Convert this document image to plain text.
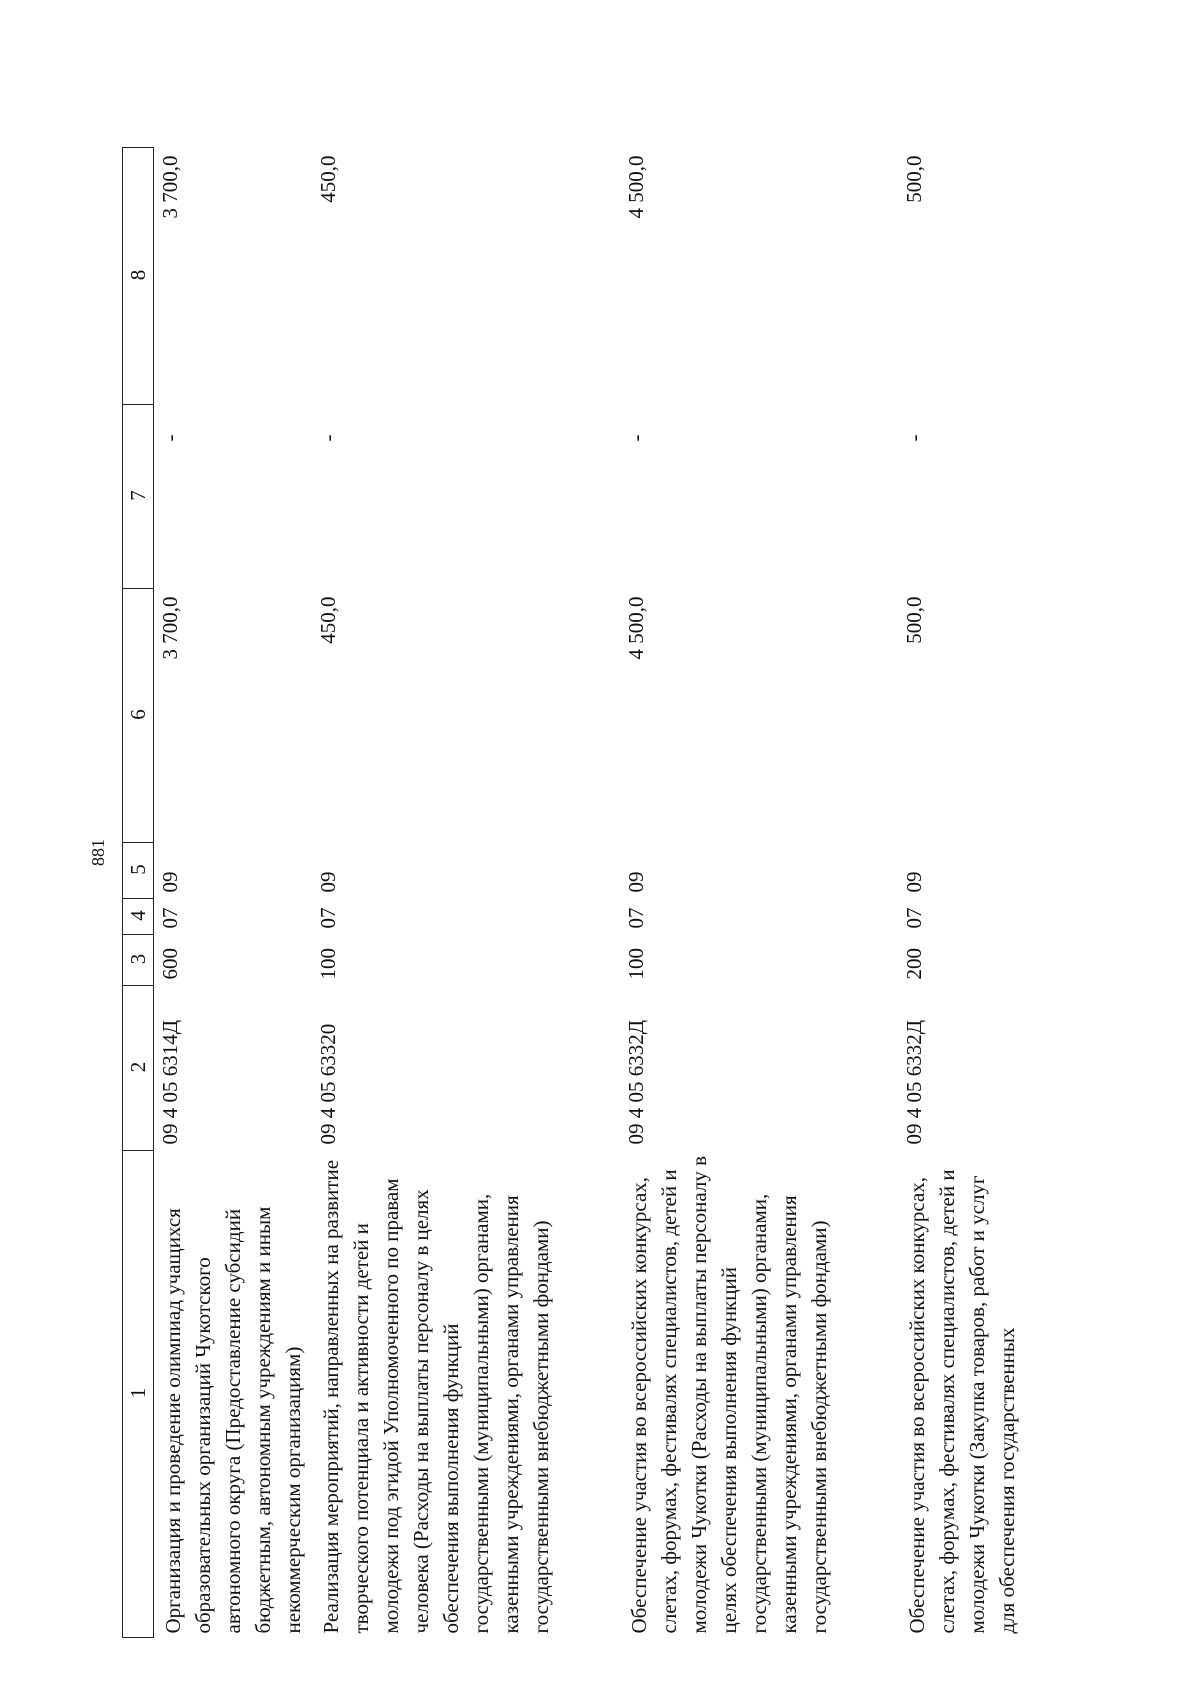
881
1	2	3	4	5	6	7	8
Организация и проведение олимпиад учащихся образовательных организаций Чукотского автономного округа (Предоставление субсидий бюджетным, автономным учреждениям и иным некоммерческим организациям)	09 4 05 6314Д	600	07	09	3 700,0	-	3 700,0
Реализация мероприятий, направленных на развитие творческого потенциала и активности детей и молодежи под эгидой Уполномоченного по правам человека (Расходы на выплаты персоналу в целях обеспечения выполнения функций государственными (муниципальными) органами, казенными учреждениями, органами управления государственными внебюджетными фондами)	09 4 05 63320	100	07	09	450,0	-	450,0
Обеспечение участия во всероссийских конкурсах, слетах, форумах, фестивалях специалистов, детей и молодежи Чукотки (Расходы на выплаты персоналу в целях обеспечения выполнения функций государственными (муниципальными) органами, казенными учреждениями, органами управления государственными внебюджетными фондами)	09 4 05 6332Д	100	07	09	4 500,0	-	4 500,0
Обеспечение участия во всероссийских конкурсах, слетах, форумах, фестивалях специалистов, детей и молодежи Чукотки (Закупка товаров, работ и услуг для обеспечения государственных	09 4 05 6332Д	200	07	09	500,0	-	500,0
